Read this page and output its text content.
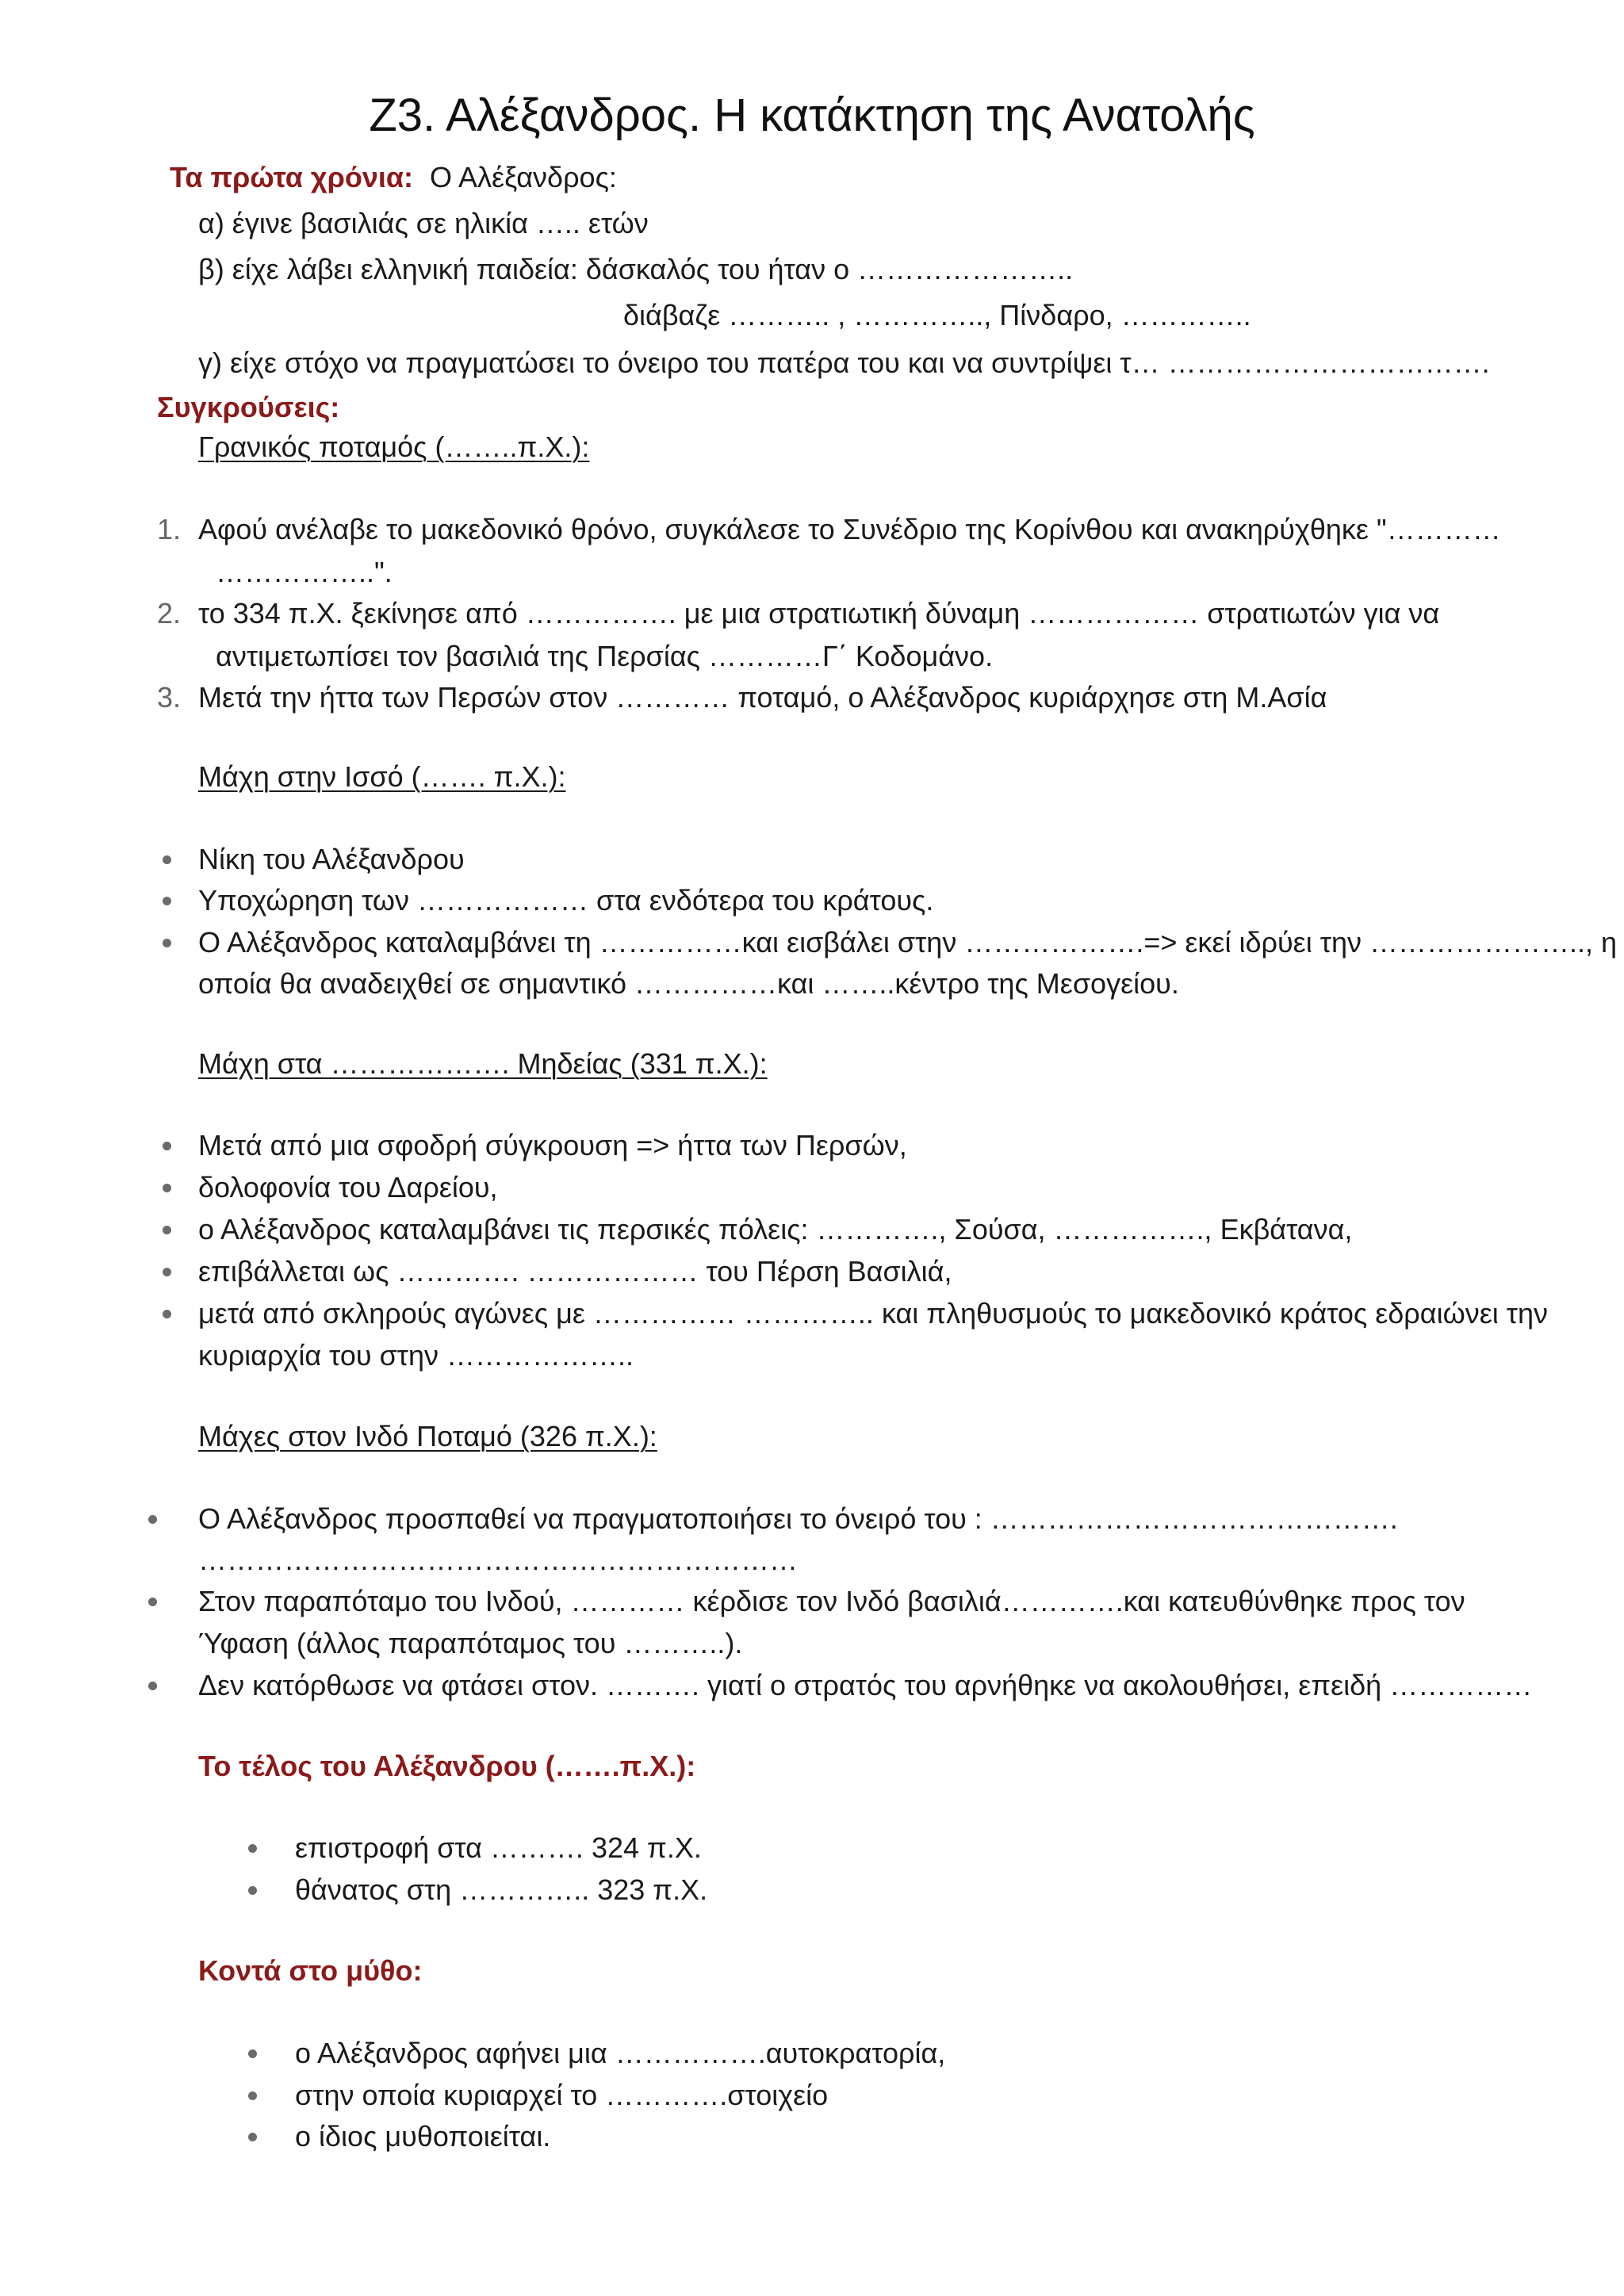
Ζ3. Αλέξανδρος. Η κατάκτηση της Ανατολής
Τα πρώτα χρόνια: Ο Αλέξανδρος:
α) έγινε βασιλιάς σε ηλικία ….. ετών
β) είχε λάβει ελληνική παιδεία: δάσκαλός του ήταν ο …………………..
διάβαζε ……….. , ………….., Πίνδαρο, …………..
γ) είχε στόχο να πραγματώσει το όνειρο του πατέρα του και να συντρίψει τ… …………………………….
Συγκρούσεις:
Γρανικός ποταμός (……..π.Χ.):
1. Αφού ανέλαβε το μακεδονικό θρόνο, συγκάλεσε το Συνέδριο της Κορίνθου και ανακηρύχθηκε "…………
……………..".
2. το 334 π.Χ. ξεκίνησε από ……………. με μια στρατιωτική δύναμη ……………… στρατιωτών για να
αντιμετωπίσει τον βασιλιά της Περσίας …………Γ΄ Κοδομάνο.
3. Μετά την ήττα των Περσών στον ………… ποταμό, ο Αλέξανδρος κυριάρχησε στη Μ.Ασία
Μάχη στην Ισσό (……. π.Χ.):
Νίκη του Αλέξανδρου
Υποχώρηση των ……………… στα ενδότερα του κράτους.
Ο Αλέξανδρος καταλαμβάνει τη ……………και εισβάλει στην ……………….=> εκεί ιδρύει την ………………….., η
οποία θα αναδειχθεί σε σημαντικό ……………και ……..κέντρο της Μεσογείου.
Μάχη στα ………………. Μηδείας (331 π.Χ.):
Μετά από μια σφοδρή σύγκρουση => ήττα των Περσών,
δολοφονία του Δαρείου,
ο Αλέξανδρος καταλαμβάνει τις περσικές πόλεις: …………., Σούσα, ……………., Εκβάτανα,
επιβάλλεται ως …………. ……………… του Πέρση Βασιλιά,
μετά από σκληρούς αγώνες με …………… ………….. και πληθυσμούς το μακεδονικό κράτος εδραιώνει την
κυριαρχία του στην ………………..
Μάχες στον Ινδό Ποταμό (326 π.Χ.):
Ο Αλέξανδρος προσπαθεί να πραγματοποιήσει το όνειρό του : …………………………………….
………………………………………………………
Στον παραπόταμο του Ινδού, ………… κέρδισε τον Ινδό βασιλιά………….και κατευθύνθηκε προς τον
Ύφαση (άλλος παραπόταμος του ………..).
Δεν κατόρθωσε να φτάσει στον. ………. γιατί ο στρατός του αρνήθηκε να ακολουθήσει, επειδή ……………
Το τέλος του Αλέξανδρου (…….π.Χ.):
επιστροφή στα ………. 324 π.Χ.
θάνατος στη ………….. 323 π.Χ.
Κοντά στο μύθο:
ο Αλέξανδρος αφήνει μια …………….αυτοκρατορία,
στην οποία κυριαρχεί το ………….στοιχείο
ο ίδιος μυθοποιείται.
